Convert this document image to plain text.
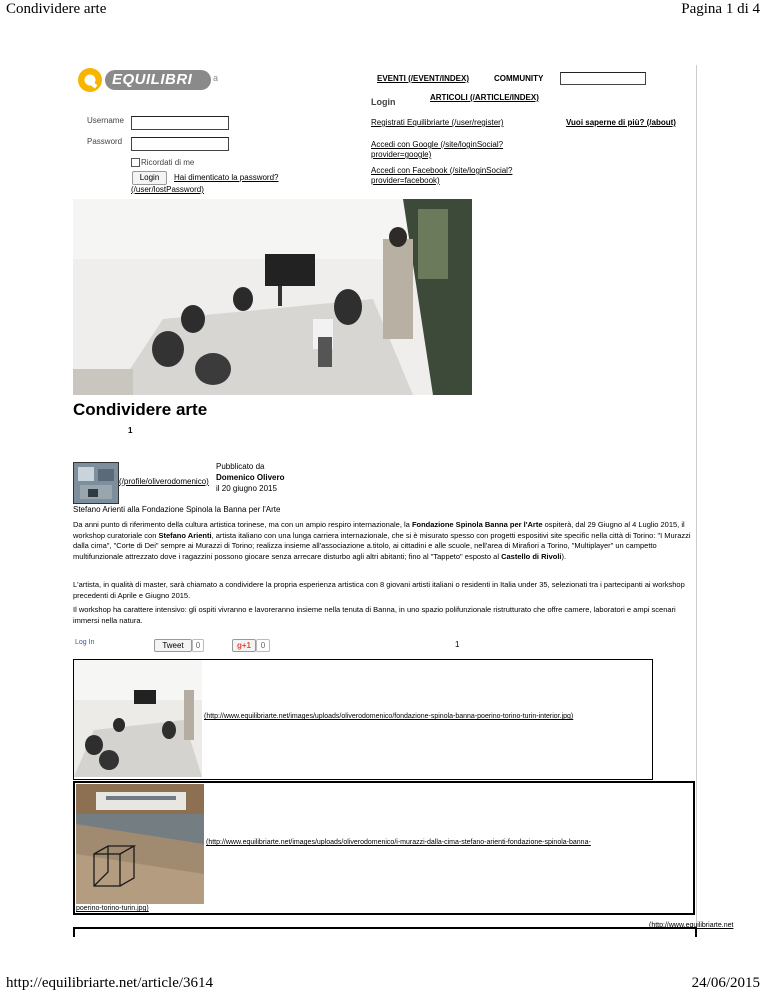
Condividere arte	Pagina 1 di 4
EQUILIBRI a	EVENTI (/EVENT/INDEX)	COMMUNITY
ARTICOLI (/ARTICLE/INDEX)
Login
Username
Password
Ricordati di me
Login	Hai dimenticato la password?
(/user/lostPassword)
Registrati Equilibriarte (/user/register)	Vuoi saperne di più? (/about)
Accedi con Google (/site/loginSocial?
provider=google)
Accedi con Facebook (/site/loginSocial?
provider=facebook)
Condividere arte
1
(/profile/oliverodomenico)
Pubblicato da
Domenico Olivero
il 20 giugno 2015
Stefano Arienti alla Fondazione Spinola la Banna per l'Arte
Da anni punto di riferimento della cultura artistica torinese, ma con un ampio respiro internazionale, la Fondazione Spinola Banna per l'Arte ospiterà, dal 29 Giugno al 4 Luglio 2015, il workshop curatoriale con Stefano Arienti, artista italiano con una lunga carriera internazionale, che si è misurato spesso con progetti espositivi site specific nella città di Torino: "I Murazzi dalla cima", "Corte di Dei" sempre ai Murazzi di Torino; realizza insieme all'associazione a.titolo, ai cittadini e alle scuole, nell'area di Mirafiori a Torino, "Multiplayer" un campetto multifunzionale attrezzato dove i ragazzini possono giocare senza arrecare disturbo agli altri abitanti; fino al "Tappeto" esposto al Castello di Rivoli).
L'artista, in qualità di master, sarà chiamato a condividere la propria esperienza artistica con 8 giovani artisti italiani o residenti in Italia under 35, selezionati tra i partecipanti ai workshop precedenti di Aprile e Giugno 2015.
Il workshop ha carattere intensivo: gli ospiti vivranno e lavoreranno insieme nella tenuta di Banna, in uno spazio polifunzionale ristrutturato che offre camere, laboratori e ampi scenari immersi nella natura.
Log In	Tweet	0	g+1	0	1
(http://www.equilibriarte.net/images/uploads/oliverodomenico/fondazione-spinola-banna-poerino-torino-turin-interior.jpg)
(http://www.equilibriarte.net/images/uploads/oliverodomenico/i-murazzi-dalla-cima-stefano-arienti-fondazione-spinola-banna-
poerino-torino-turin.jpg)
(http://www.equilibriarte.net
http://equilibriarte.net/article/3614	24/06/2015
